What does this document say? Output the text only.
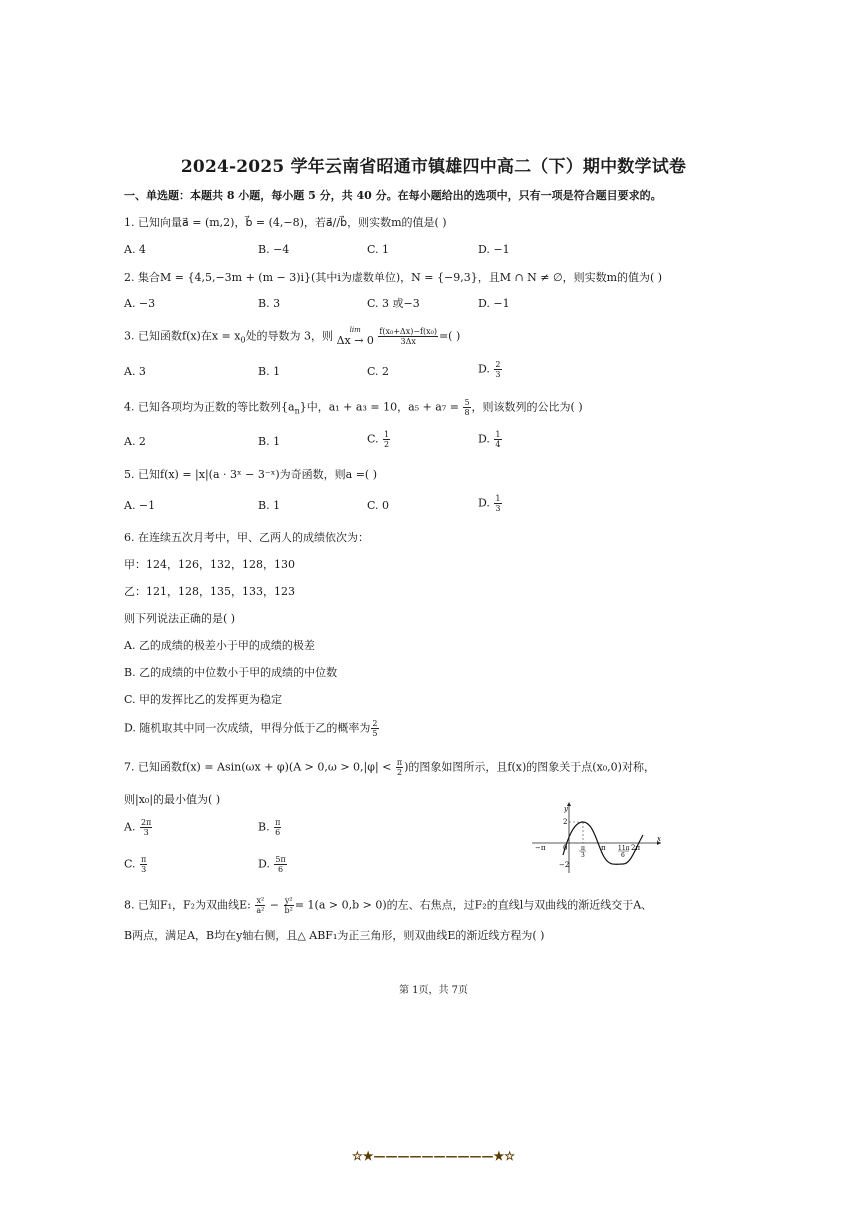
2024-2025 学年云南省昭通市镇雄四中高二（下）期中数学试卷
一、单选题：本题共 8 小题，每小题 5 分，共 40 分。在每小题给出的选项中，只有一项是符合题目要求的。
1. 已知向量a⃗ = (m,2)，b⃗ = (4,−8)，若a⃗//b⃗，则实数m的值是( )
A. 4	B. −4	C. 1	D. −1
2. 集合M = {4,5,−3m + (m − 3)i}(其中i为虚数单位)，N = {−9,3}，且M ∩ N ≠ ∅，则实数m的值为( )
A. −3	B. 3	C. 3 或−3	D. −1
3. 已知函数f(x)在$x = x_0$处的导数为 3，则	lim
Δx → 0
$\frac{\text{f(x₀+Δx)−f(x₀)}}{3\Delta x}$ =( )
A. 3	B. 1	C. 2	D. $\frac{2}{3}$
4. 已知各项均为正数的等比数列$\{a_n\}$中，a₁ + a₃ = 10，$a_5 + a_7 = \frac{5}{8}$ ，则该数列的公比为( )
A. 2	B. 1	C. $\frac{1}{2}$	D. $\frac{1}{4}$
5. 已知f(x) = |x|(a · 3ˣ − 3⁻ˣ)为奇函数，则a =( )
A. −1	B. 1	C. 0	D. $\frac{1}{3}$
6. 在连续五次月考中，甲、乙两人的成绩依次为：
甲：124，126，132，128，130
乙：121，128，135，133，123
则下列说法正确的是( )
A. 乙的成绩的极差小于甲的成绩的极差
B. 乙的成绩的中位数小于甲的成绩的中位数
C. 甲的发挥比乙的发挥更为稳定
D. 随机取其中同一次成绩，甲得分低于乙的概率为 $\frac{2}{5}$
7. 已知函数$f(x) = Asin(\omega x + \varphi)(A > 0,\omega > 0,|\varphi| < \frac{\pi}{2}$ )的图象如图所示，且f(x)的图象关于点(x₀,0)对称，
则|x₀|的最小值为( )
A. $\frac{2\pi}{3}$	B. $\frac{\pi}{6}$
C. $\frac{\pi}{3}$	D. $\frac{5\pi}{6}$
y
x
−π	0
2
−2
π
3
π 11π
6
2π
8. 已知F₁，F₂为双曲线E: $\frac{\text{x²}}{\text{a²}} - \frac{\text{y²}}{\text{b²}} = 1(a > 0,b > 0)$的左、右焦点，过F₂的直线l与双曲线的渐近线交于A、
B两点，满足A，B均在y轴右侧，且△ ABF₁为正三角形，则双曲线E的渐近线方程为( )
第 1页，共 7页
☆★——————————★☆
